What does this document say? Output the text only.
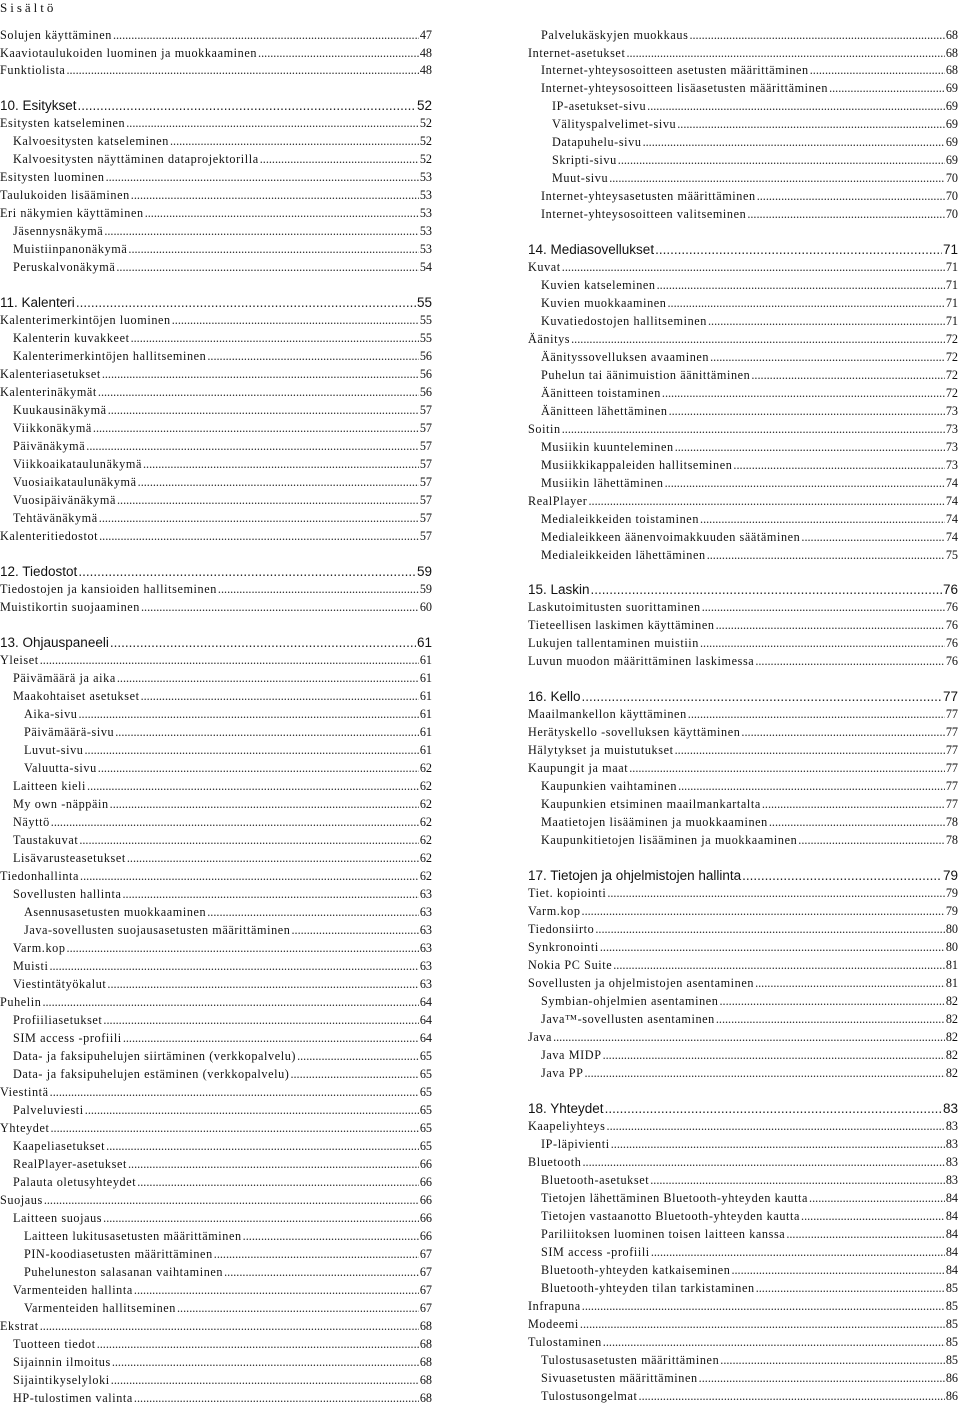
Sisältö
Solujen käyttäminen .....	47
Kaaviotaulukoiden luominen ja muokkaaminen .....	48
Funktiolista .....	48
10. Esitykset .....	52
Esitysten katseleminen .....	52
Kalvoesitysten katseleminen .....	52
Kalvoesitysten näyttäminen dataprojektorilla .....	52
Esitysten luominen .....	53
Taulukoiden lisääminen .....	53
Eri näkymien käyttäminen .....	53
Jäsennysnäkymä .....	53
Muistiinpanonäkymä .....	53
Peruskalvonäkymä .....	54
11. Kalenteri .....	55
Kalenterimerkintöjen luominen .....	55
Kalenterin kuvakkeet .....	55
Kalenterimerkintöjen hallitseminen .....	56
Kalenteriasetukset .....	56
Kalenterinäkymät .....	56
Kuukausinäkymä .....	57
Viikkonäkymä .....	57
Päivänäkymä .....	57
Viikkoaikataulunäkymä .....	57
Vuosiaikataulunäkymä .....	57
Vuosipäivänäkymä .....	57
Tehtävänäkymä .....	57
Kalenteritiedostot .....	57
12. Tiedostot .....	59
Tiedostojen ja kansioiden hallitseminen .....	59
Muistikortin suojaaminen .....	60
13. Ohjauspaneeli .....	61
Yleiset .....	61
Päivämäärä ja aika .....	61
Maakohtaiset asetukset .....	61
Aika-sivu .....	61
Päivämäärä-sivu .....	61
Luvut-sivu .....	61
Valuutta-sivu .....	62
Laitteen kieli .....	62
My own -näppäin .....	62
Näyttö .....	62
Taustakuvat .....	62
Lisävarusteasetukset .....	62
Tiedonhallinta .....	62
Sovellusten hallinta .....	63
Asennusasetusten muokkaaminen .....	63
Java-sovellusten suojausasetusten määrittäminen .....	63
Varm.kop .....	63
Muisti .....	63
Viestintätyökalut .....	63
Puhelin .....	64
Profiiliasetukset .....	64
SIM access -profiili .....	64
Data- ja faksipuhelujen siirtäminen (verkkopalvelu) .....	65
Data- ja faksipuhelujen estäminen (verkkopalvelu) .....	65
Viestintä .....	65
Palveluviesti .....	65
Yhteydet .....	65
Kaapeliasetukset .....	65
RealPlayer-asetukset .....	66
Palauta oletusyhteydet .....	66
Suojaus .....	66
Laitteen suojaus .....	66
Laitteen lukitusasetusten määrittäminen .....	66
PIN-koodiasetusten määrittäminen .....	67
Puheluneston salasanan vaihtaminen .....	67
Varmenteiden hallinta .....	67
Varmenteiden hallitseminen .....	67
Ekstrat .....	68
Tuotteen tiedot .....	68
Sijainnin ilmoitus .....	68
Sijaintikyselyloki .....	68
HP-tulostimen valinta .....	68
Palvelukäskyjen muokkaus .....	68
Internet-asetukset .....	68
Internet-yhteysosoitteen asetusten määrittäminen .....	68
Internet-yhteysosoitteen lisäasetusten määrittäminen .....	69
IP-asetukset-sivu .....	69
Välityspalvelimet-sivu .....	69
Datapuhelu-sivu .....	69
Skripti-sivu .....	69
Muut-sivu .....	70
Internet-yhteysasetusten määrittäminen .....	70
Internet-yhteysosoitteen valitseminen .....	70
14. Mediasovellukset .....	71
Kuvat .....	71
Kuvien katseleminen .....	71
Kuvien muokkaaminen .....	71
Kuvatiedostojen hallitseminen .....	71
Äänitys .....	72
Äänityssovelluksen avaaminen .....	72
Puhelun tai äänimuistion äänittäminen .....	72
Äänitteen toistaminen .....	72
Äänitteen lähettäminen .....	73
Soitin .....	73
Musiikin kuunteleminen .....	73
Musiikkikappaleiden hallitseminen .....	73
Musiikin lähettäminen .....	74
RealPlayer .....	74
Medialeikkeiden toistaminen .....	74
Medialeikkeen äänenvoimakkuuden säätäminen .....	74
Medialeikkeiden lähettäminen .....	75
15. Laskin .....	76
Laskutoimitusten suorittaminen .....	76
Tieteellisen laskimen käyttäminen .....	76
Lukujen tallentaminen muistiin .....	76
Luvun muodon määrittäminen laskimessa .....	76
16. Kello .....	77
Maailmankellon käyttäminen .....	77
Herätyskello -sovelluksen käyttäminen .....	77
Hälytykset ja muistutukset .....	77
Kaupungit ja maat .....	77
Kaupunkien vaihtaminen .....	77
Kaupunkien etsiminen maailmankartalta .....	77
Maatietojen lisääminen ja muokkaaminen .....	78
Kaupunkitietojen lisääminen ja muokkaaminen .....	78
17. Tietojen ja ohjelmistojen hallinta .....	79
Tiet. kopiointi .....	79
Varm.kop .....	79
Tiedonsiirto .....	80
Synkronointi .....	80
Nokia PC Suite .....	81
Sovellusten ja ohjelmistojen asentaminen .....	81
Symbian-ohjelmien asentaminen .....	82
Java™-sovellusten asentaminen .....	82
Java .....	82
Java MIDP .....	82
Java PP .....	82
18. Yhteydet .....	83
Kaapeliyhteys .....	83
IP-läpivienti .....	83
Bluetooth .....	83
Bluetooth-asetukset .....	83
Tietojen lähettäminen Bluetooth-yhteyden kautta .....	84
Tietojen vastaanotto Bluetooth-yhteyden kautta .....	84
Pariliitoksen luominen toisen laitteen kanssa .....	84
SIM access -profiili .....	84
Bluetooth-yhteyden katkaiseminen .....	84
Bluetooth-yhteyden tilan tarkistaminen .....	85
Infrapuna .....	85
Modeemi .....	85
Tulostaminen .....	85
Tulostusasetusten määrittäminen .....	85
Sivuasetusten määrittäminen .....	86
Tulostusongelmat .....	86
